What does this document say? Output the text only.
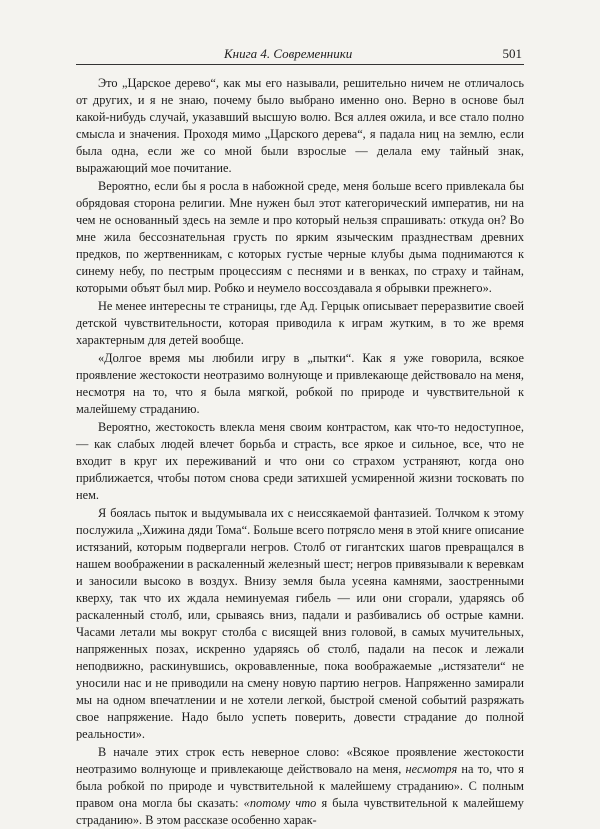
Книга 4. Современники	501

Это „Царское дерево“, как мы его называли, решительно ничем не отличалось от других, и я не знаю, почему было выбрано именно оно. Верно в основе был какой-нибудь случай, указавший высшую волю. Вся аллея ожила, и все стало полно смысла и значения. Проходя мимо „Царского дерева“, я падала ниц на землю, если была одна, если же со мной были взрослые — делала ему тайный знак, выражающий мое почитание.

Вероятно, если бы я росла в набожной среде, меня больше всего привлекала бы обрядовая сторона религии. Мне нужен был этот категорический императив, ни на чем не основанный здесь на земле и про который нельзя спрашивать: откуда он? Во мне жила бессознательная грусть по ярким языческим празднествам древних предков, по жертвенникам, с которых густые черные клубы дыма поднимаются к синему небу, по пестрым процессиям с песнями и в венках, по страху и тайнам, которыми объят был мир. Робко и неумело воссоздавала я обрывки прежнего».

Не менее интересны те страницы, где Ад. Герцык описывает переразвитие своей детской чувствительности, которая приводила к играм жутким, в то же время характерным для детей вообще.

«Долгое время мы любили игру в „пытки“. Как я уже говорила, всякое проявление жестокости неотразимо волнующе и привлекающе действовало на меня, несмотря на то, что я была мягкой, робкой по природе и чувствительной к малейшему страданию.

Вероятно, жестокость влекла меня своим контрастом, как что-то недоступное, — как слабых людей влечет борьба и страсть, все яркое и сильное, все, что не входит в круг их переживаний и что они со страхом устраняют, когда оно приближается, чтобы потом снова среди затихшей усмиренной жизни тосковать по нем.

Я боялась пыток и выдумывала их с неиссякаемой фантазией. Толчком к этому послужила „Хижина дяди Тома“. Больше всего потрясло меня в этой книге описание истязаний, которым подвергали негров. Столб от гигантских шагов превращался в нашем воображении в раскаленный железный шест; негров привязывали к веревкам и заносили высоко в воздух. Внизу земля была усеяна камнями, заостренными кверху, так что их ждала неминуемая гибель — или они сгорали, ударяясь об раскаленный столб, или, срываясь вниз, падали и разбивались об острые камни. Часами летали мы вокруг столба с висящей вниз головой, в самых мучительных, напряженных позах, искренно ударяясь об столб, падали на песок и лежали неподвижно, раскинувшись, окровавленные, пока воображаемые „истязатели“ не уносили нас и не приводили на смену новую партию негров. Напряженно замирали мы на одном впечатлении и не хотели легкой, быстрой сменой событий разряжать свое напряжение. Надо было успеть поверить, довести страдание до полной реальности».

В начале этих строк есть неверное слово: «Всякое проявление жестокости неотразимо волнующе и привлекающе действовало на меня, несмотря на то, что я была робкой по природе и чувствительной к малейшему страданию». С полным правом она могла бы сказать: «потому что я была чувствительной к малейшему страданию». В этом рассказе особенно харак-
